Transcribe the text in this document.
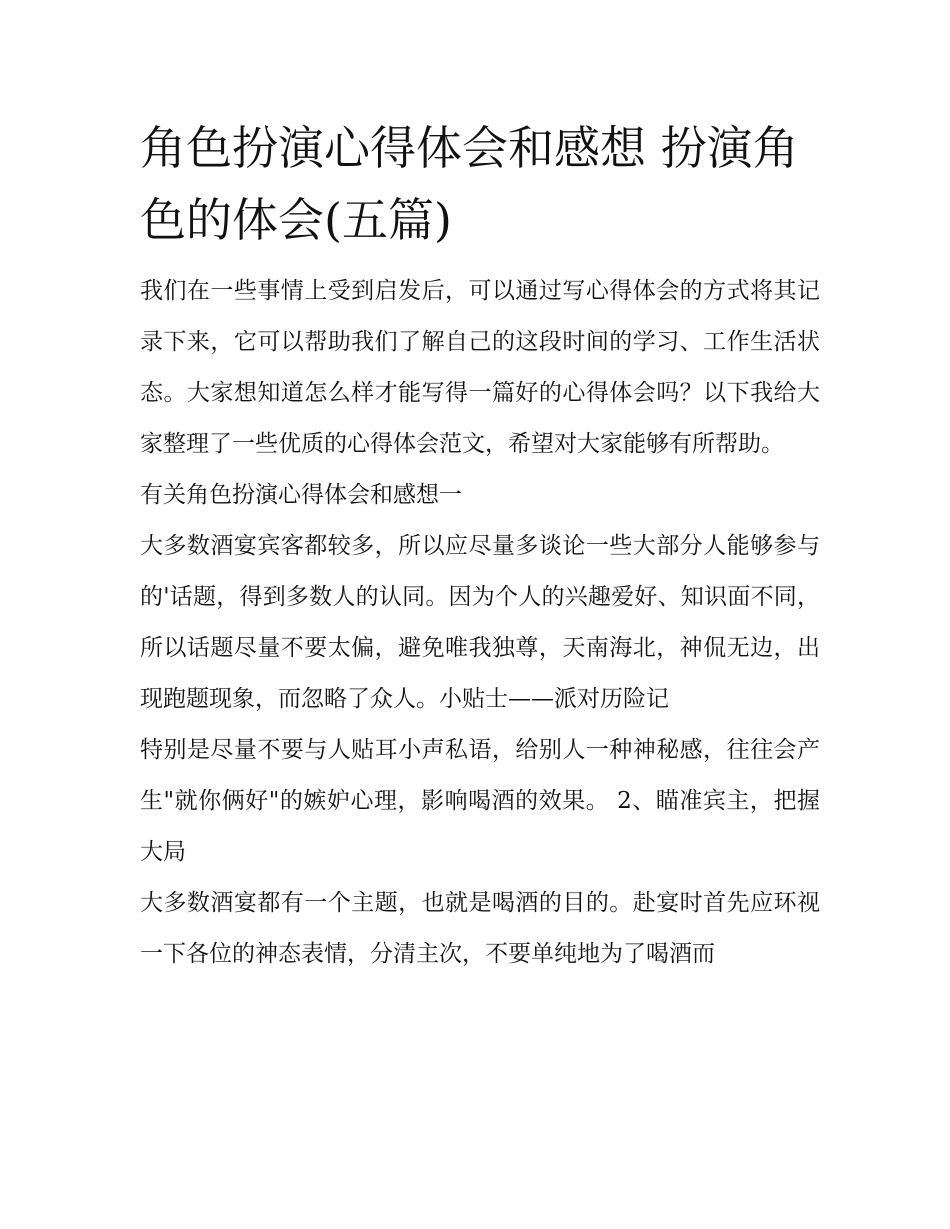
角色扮演心得体会和感想 扮演角色的体会(五篇)

我们在一些事情上受到启发后，可以通过写心得体会的方式将其记录下来，它可以帮助我们了解自己的这段时间的学习、工作生活状态。大家想知道怎么样才能写得一篇好的心得体会吗？以下我给大家整理了一些优质的心得体会范文，希望对大家能够有所帮助。

有关角色扮演心得体会和感想一

大多数酒宴宾客都较多，所以应尽量多谈论一些大部分人能够参与的'话题，得到多数人的认同。因为个人的兴趣爱好、知识面不同，所以话题尽量不要太偏，避免唯我独尊，天南海北，神侃无边，出现跑题现象，而忽略了众人。小贴士——派对历险记

特别是尽量不要与人贴耳小声私语，给别人一种神秘感，往往会产生"就你俩好"的嫉妒心理，影响喝酒的效果。 2、瞄准宾主，把握大局

大多数酒宴都有一个主题，也就是喝酒的目的。赴宴时首先应环视一下各位的神态表情，分清主次，不要单纯地为了喝酒而
